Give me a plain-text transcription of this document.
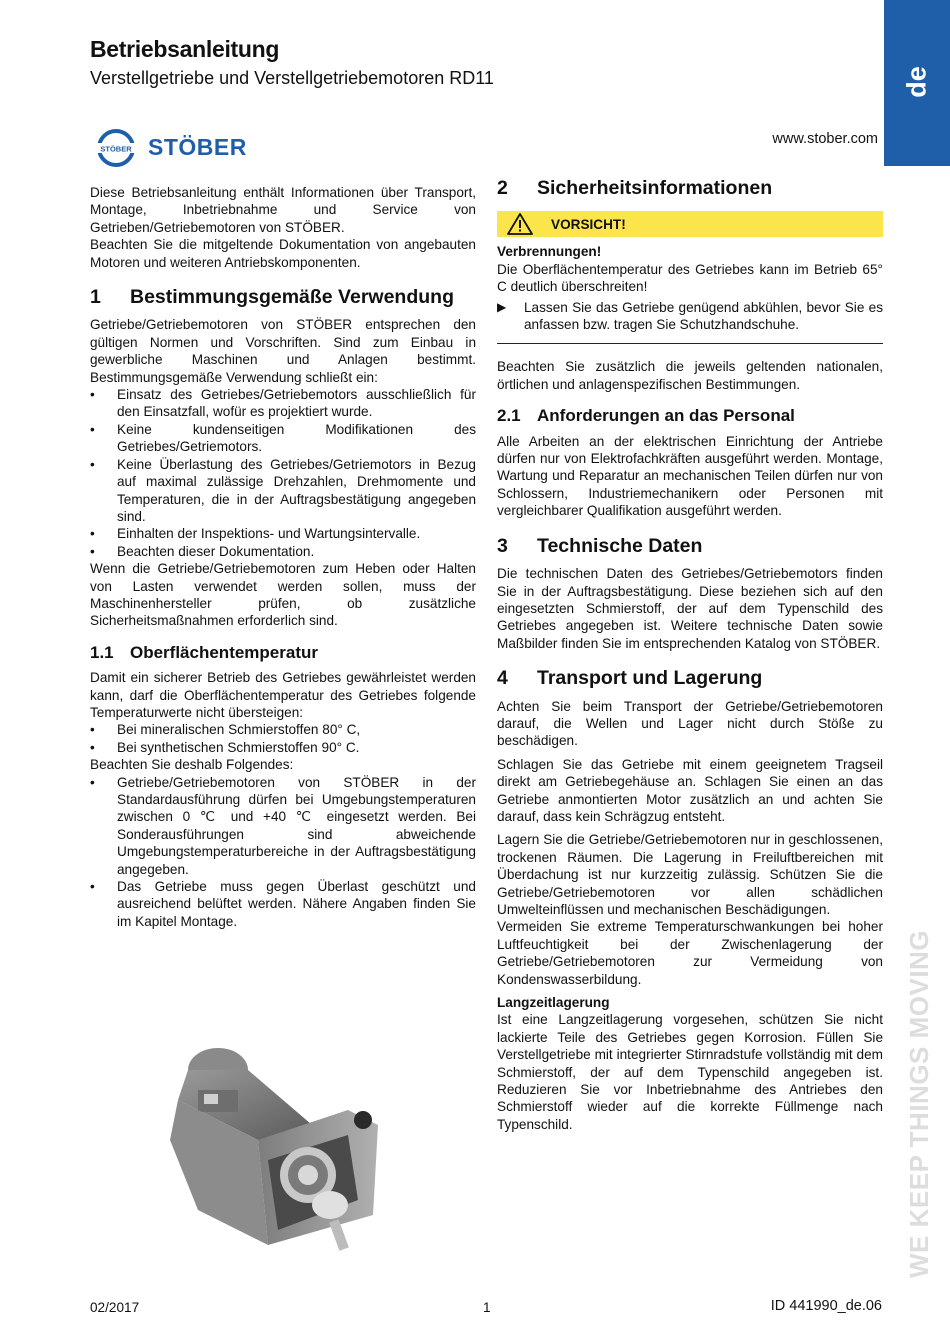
Betriebsanleitung
Verstellgetriebe und Verstellgetriebemotoren RD11	de
STÖBER STÖBER	www.stober.com

Diese Betriebsanleitung enthält Informationen über Transport, Montage, Inbetriebnahme und Service von Getrieben/Getriebemotoren von STÖBER.

Beachten Sie die mitgeltende Dokumentation von angebauten Motoren und weiteren Antriebskomponenten.

1	Bestimmungsgemäße Verwendung

Getriebe/Getriebemotoren von STÖBER entsprechen den gültigen Normen und Vorschriften. Sind zum Einbau in gewerbliche Maschinen und Anlagen bestimmt. Bestimmungsgemäße Verwendung schließt ein:

• Einsatz des Getriebes/Getriebemotors ausschließlich für den Einsatzfall, wofür es projektiert wurde.
• Keine kundenseitigen Modifikationen des Getriebes/Getriemotors.
• Keine Überlastung des Getriebes/Getriemotors in Bezug auf maximal zulässige Drehzahlen, Drehmomente und Temperaturen, die in der Auftragsbestätigung angegeben sind.
• Einhalten der Inspektions- und Wartungsintervalle.
• Beachten dieser Dokumentation.

Wenn die Getriebe/Getriebemotoren zum Heben oder Halten von Lasten verwendet werden sollen, muss der Maschinenhersteller prüfen, ob zusätzliche Sicherheitsmaßnahmen erforderlich sind.

1.1 Oberflächentemperatur

Damit ein sicherer Betrieb des Getriebes gewährleistet werden kann, darf die Oberflächentemperatur des Getriebes folgende Temperaturwerte nicht übersteigen:

• Bei mineralischen Schmierstoffen 80° C,
• Bei synthetischen Schmierstoffen 90° C.

Beachten Sie deshalb Folgendes:

• Getriebe/Getriebemotoren von STÖBER in der Standardausführung dürfen bei Umgebungstemperaturen zwischen 0 ℃ und +40 ℃ eingesetzt werden. Bei Sonderausführungen sind abweichende Umgebungstemperaturbereiche in der Auftragsbestätigung angegeben.
• Das Getriebe muss gegen Überlast geschützt und ausreichend belüftet werden. Nähere Angaben finden Sie im Kapitel Montage.
2	Sicherheitsinformationen
VORSICHT!
Verbrennungen!

Die Oberflächentemperatur des Getriebes kann im Betrieb 65° C deutlich überschreiten!

▶	Lassen Sie das Getriebe genügend abkühlen, bevor Sie es anfassen bzw. tragen Sie Schutzhandschuhe.

Beachten Sie zusätzlich die jeweils geltenden nationalen, örtlichen und anlagenspezifischen Bestimmungen.

2.1 Anforderungen an das Personal

Alle Arbeiten an der elektrischen Einrichtung der Antriebe dürfen nur von Elektrofachkräften ausgeführt werden. Montage, Wartung und Reparatur an mechanischen Teilen dürfen nur von Schlossern, Industriemechanikern oder Personen mit vergleichbarer Qualifikation ausgeführt werden.

3	Technische Daten

Die technischen Daten des Getriebes/Getriebemotors finden Sie in der Auftragsbestätigung. Diese beziehen sich auf den eingesetzten Schmierstoff, der auf dem Typenschild des Getriebes angegeben ist. Weitere technische Daten sowie Maßbilder finden Sie im entsprechenden Katalog von STÖBER.

4	Transport und Lagerung

Achten Sie beim Transport der Getriebe/Getriebemotoren darauf, die Wellen und Lager nicht durch Stöße zu beschädigen.

Schlagen Sie das Getriebe mit einem geeignetem Tragseil direkt am Getriebegehäuse an. Schlagen Sie einen an das Getriebe anmontierten Motor zusätzlich an und achten Sie darauf, dass kein Schrägzug entsteht.

Lagern Sie die Getriebe/Getriebemotoren nur in geschlossenen, trockenen Räumen. Die Lagerung in Freiluftbereichen mit Überdachung ist nur kurzzeitig zulässig. Schützen Sie die Getriebe/Getriebemotoren vor allen schädlichen Umwelteinflüssen und mechanischen Beschädigungen.

Vermeiden Sie extreme Temperaturschwankungen bei hoher Luftfeuchtigkeit bei der Zwischenlagerung der Getriebe/Getriebemotoren zur Vermeidung von Kondenswasserbildung.

Langzeitlagerung

Ist eine Langzeitlagerung vorgesehen, schützen Sie nicht lackierte Teile des Getriebes gegen Korrosion. Füllen Sie Verstellgetriebe mit integrierter Stirnradstufe vollständig mit dem Schmierstoff, der auf dem Typenschild angegeben ist. Reduzieren Sie vor Inbetriebnahme des Antriebes den Schmierstoff wieder auf die korrekte Füllmenge nach Typenschild.	WE KEEP THINGS MOVING
02/2017	1	ID 441990_de.06
